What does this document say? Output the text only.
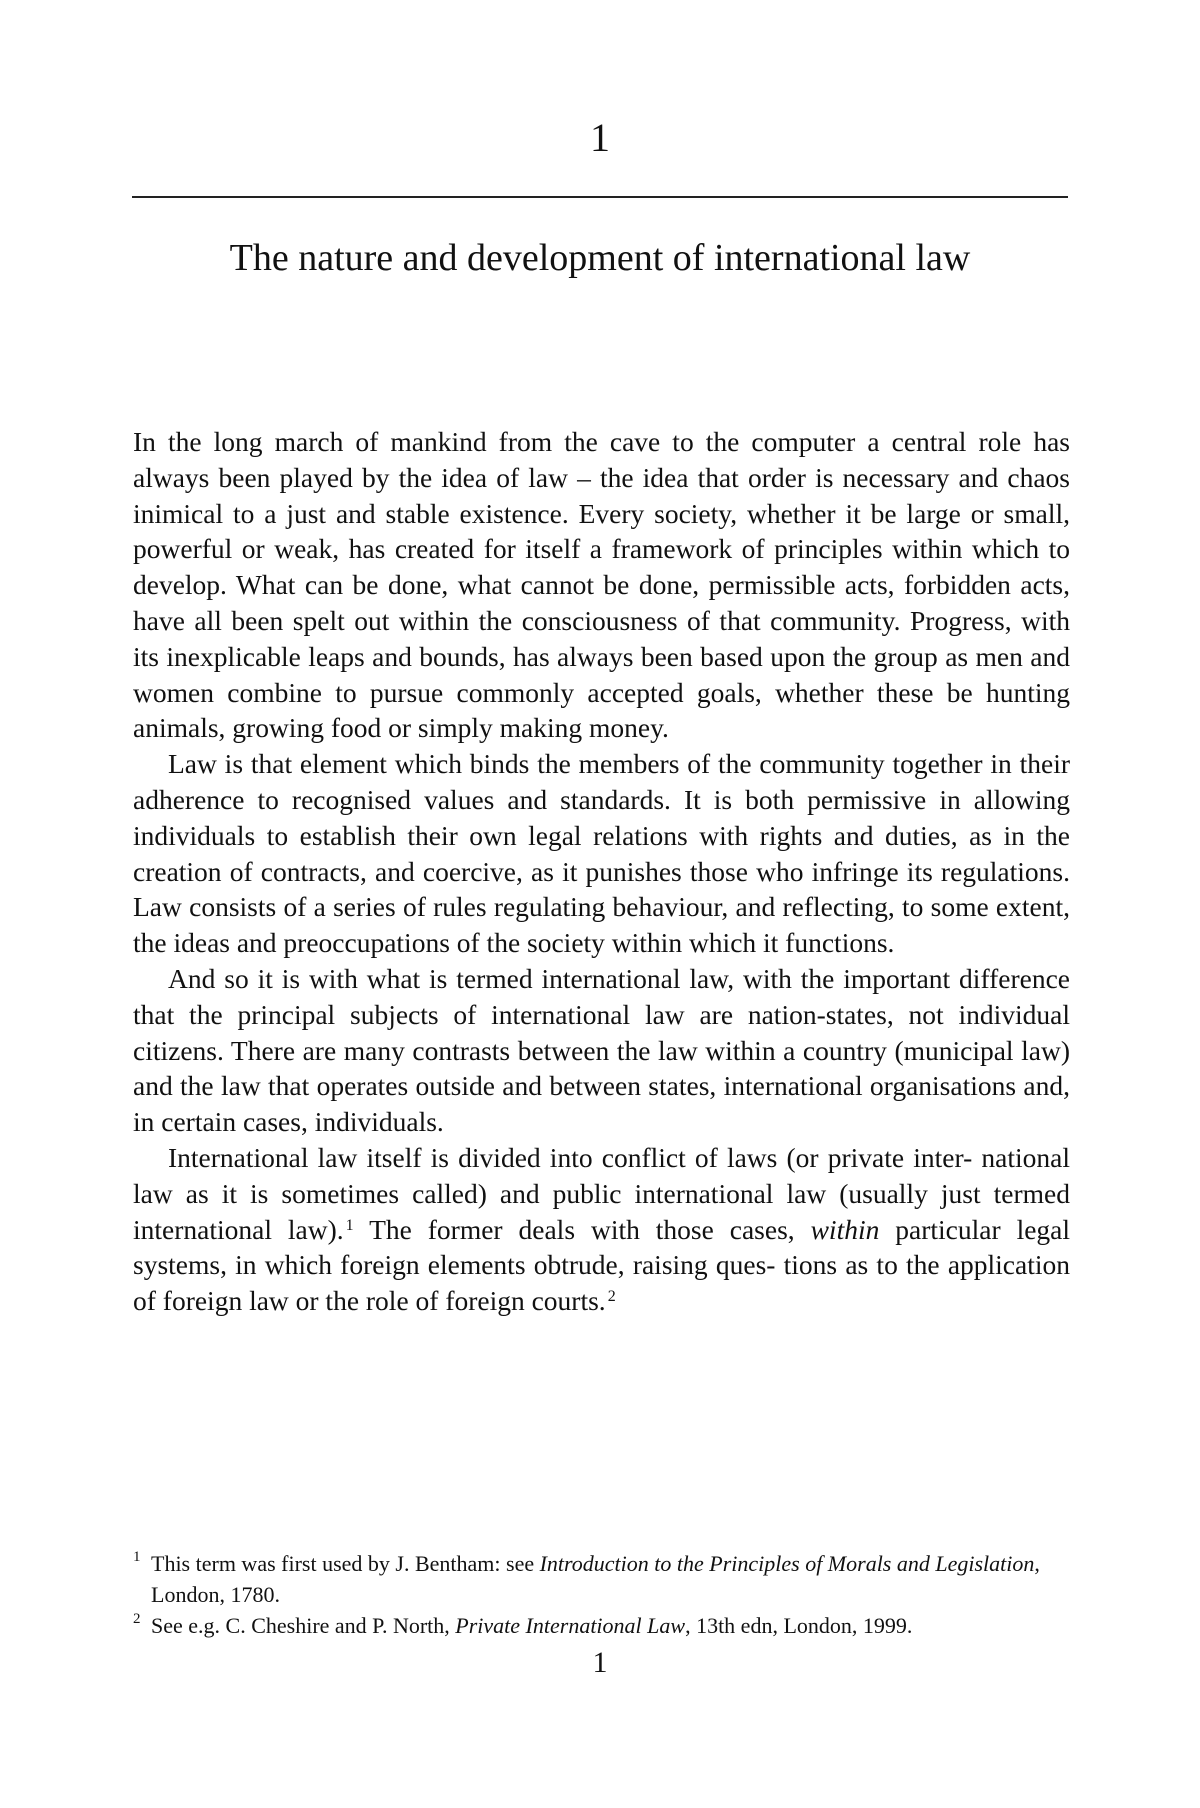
1
The nature and development of international law

In the long march of mankind from the cave to the computer a central role has always been played by the idea of law – the idea that order is necessary and chaos inimical to a just and stable existence. Every society, whether it be large or small, powerful or weak, has created for itself a framework of principles within which to develop. What can be done, what cannot be done, permissible acts, forbidden acts, have all been spelt out within the consciousness of that community. Progress, with its inexplicable leaps and bounds, has always been based upon the group as men and women combine to pursue commonly accepted goals, whether these be hunting animals, growing food or simply making money.

Law is that element which binds the members of the community together in their adherence to recognised values and standards. It is both permissive in allowing individuals to establish their own legal relations with rights and duties, as in the creation of contracts, and coercive, as it punishes those who infringe its regulations. Law consists of a series of rules regulating behaviour, and reflecting, to some extent, the ideas and preoccupations of the society within which it functions.

And so it is with what is termed international law, with the important difference that the principal subjects of international law are nation-states, not individual citizens. There are many contrasts between the law within a country (municipal law) and the law that operates outside and between states, international organisations and, in certain cases, individuals.

International law itself is divided into conflict of laws (or private inter- national law as it is sometimes called) and public international law (usually just termed international law). $^1$ The former deals with those cases, within particular legal systems, in which foreign elements obtrude, raising ques- tions as to the application of foreign law or the role of foreign courts. $^2$

1 This term was first used by J. Bentham: see Introduction to the Principles of Morals and Legislation, London, 1780.
2 See e.g. C. Cheshire and P. North, Private International Law, 13th edn, London, 1999.
1
